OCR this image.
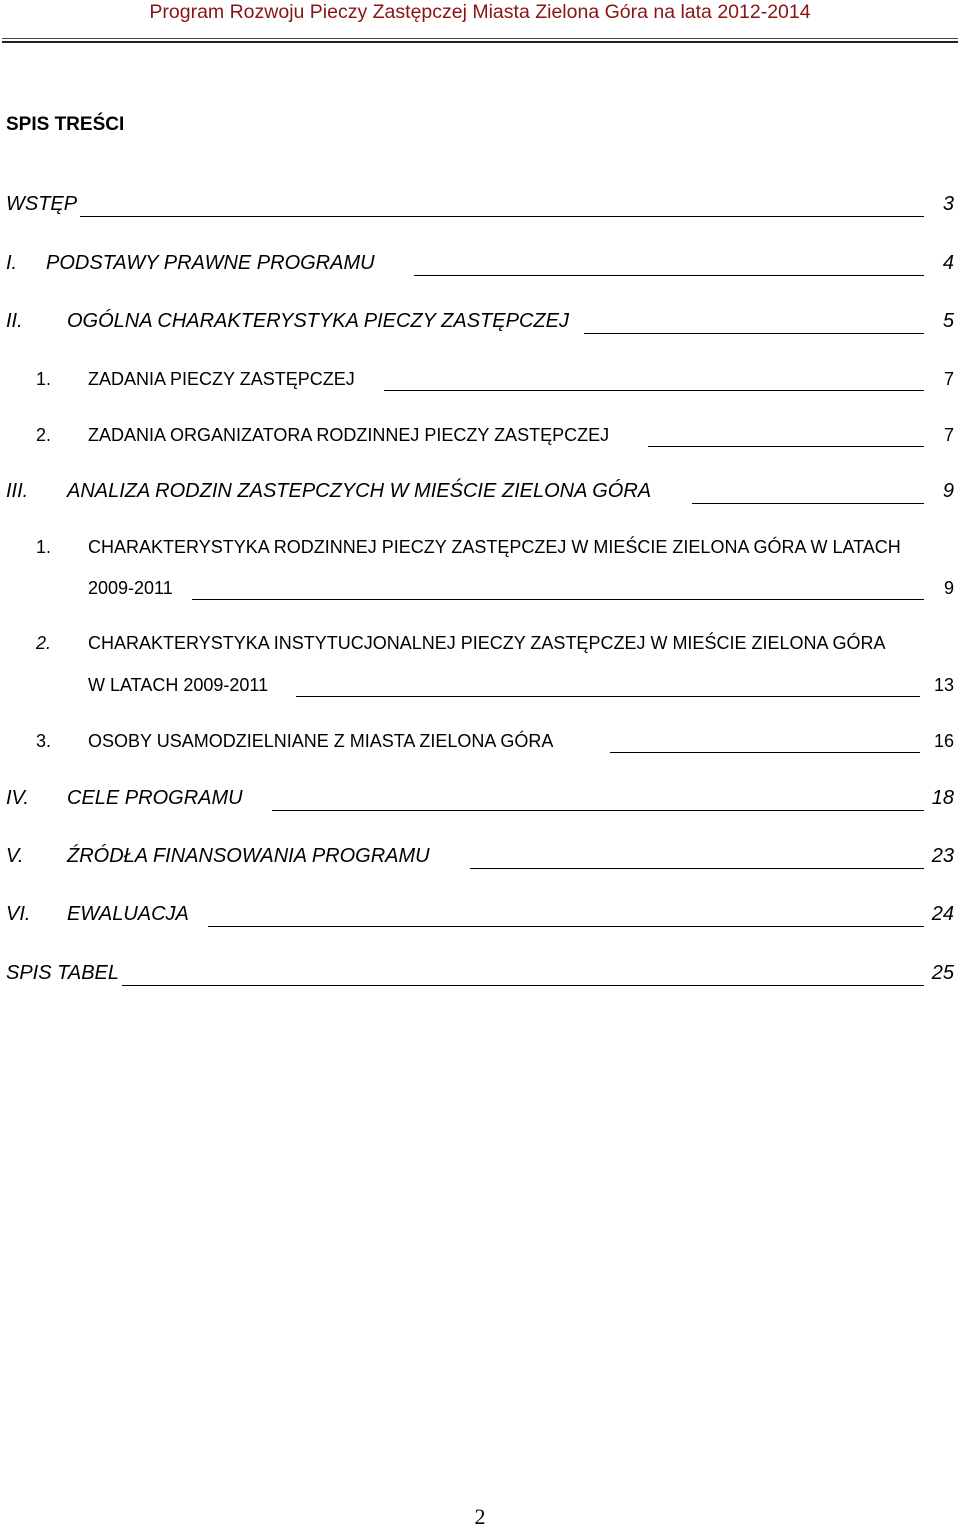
Program Rozwoju Pieczy Zastępczej Miasta Zielona Góra na lata 2012-2014
SPIS TREŚCI
WSTĘP	3
I. PODSTAWY PRAWNE PROGRAMU	4
II. OGÓLNA CHARAKTERYSTYKA PIECZY ZASTĘPCZEJ	5
1. ZADANIA PIECZY ZASTĘPCZEJ	7
2. ZADANIA ORGANIZATORA RODZINNEJ PIECZY ZASTĘPCZEJ	7
III. ANALIZA RODZIN ZASTEPCZYCH W MIEŚCIE ZIELONA GÓRA	9
1. CHARAKTERYSTYKA RODZINNEJ PIECZY ZASTĘPCZEJ W MIEŚCIE ZIELONA GÓRA W LATACH
2009-2011	9
2. CHARAKTERYSTYKA INSTYTUCJONALNEJ PIECZY ZASTĘPCZEJ W MIEŚCIE ZIELONA GÓRA
W LATACH 2009-2011	13
3. OSOBY USAMODZIELNIANE Z MIASTA ZIELONA GÓRA	16
IV. CELE PROGRAMU	18
V. ŹRÓDŁA FINANSOWANIA PROGRAMU	23
VI. EWALUACJA	24
SPIS TABEL	25
2
